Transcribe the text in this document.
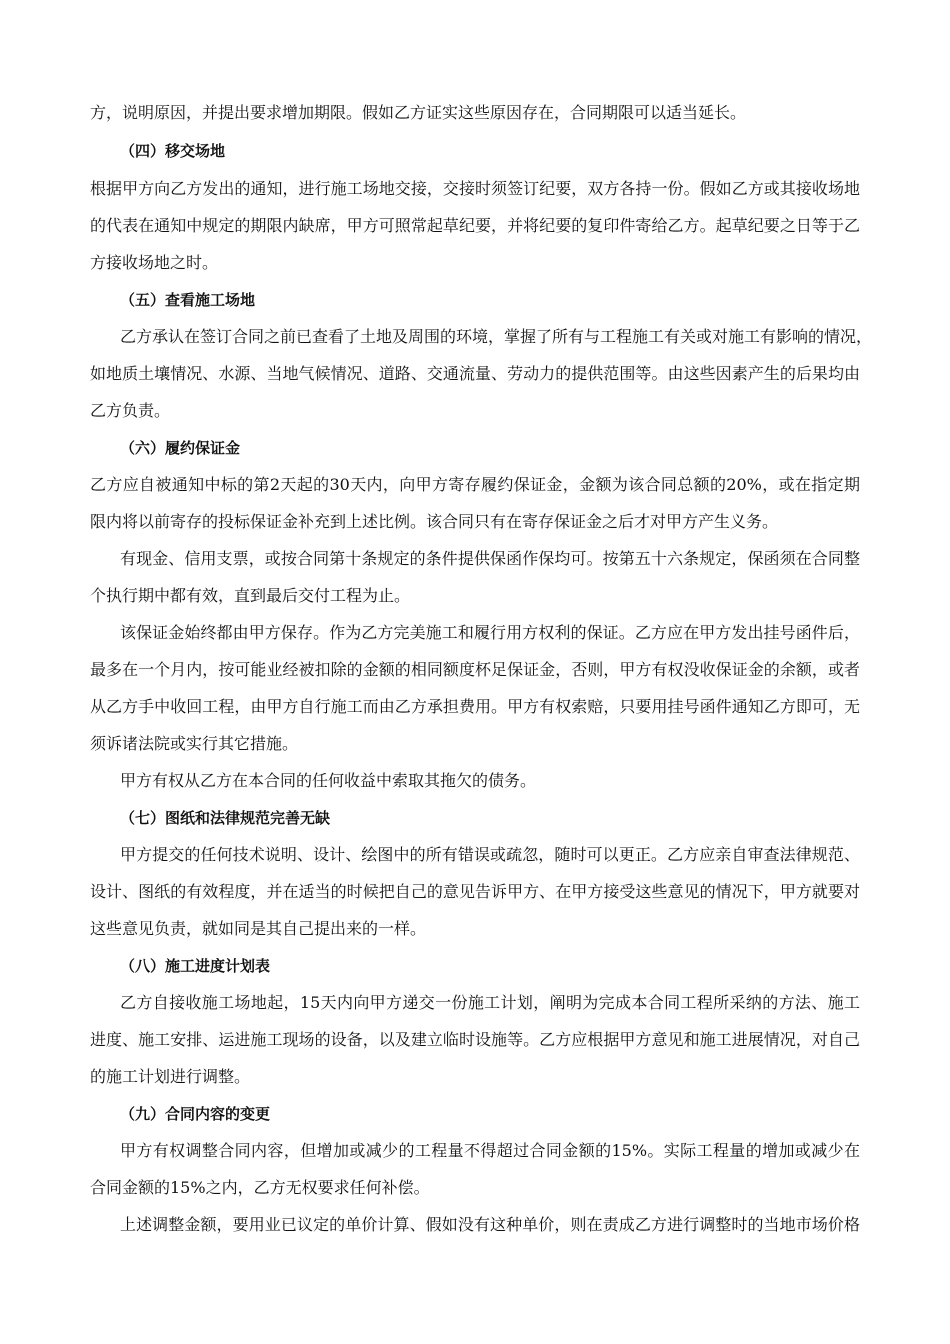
方，说明原因，并提出要求增加期限。假如乙方证实这些原因存在，合同期限可以适当延长。
（四）移交场地
根据甲方向乙方发出的通知，进行施工场地交接，交接时须签订纪要，双方各持一份。假如乙方或其接收场地
的代表在通知中规定的期限内缺席，甲方可照常起草纪要，并将纪要的复印件寄给乙方。起草纪要之日等于乙
方接收场地之时。
（五）查看施工场地
乙方承认在签订合同之前已查看了土地及周围的环境，掌握了所有与工程施工有关或对施工有影响的情况，
如地质土壤情况、水源、当地气候情况、道路、交通流量、劳动力的提供范围等。由这些因素产生的后果均由
乙方负责。
（六）履约保证金
乙方应自被通知中标的第2天起的30天内，向甲方寄存履约保证金，金额为该合同总额的20%，或在指定期
限内将以前寄存的投标保证金补充到上述比例。该合同只有在寄存保证金之后才对甲方产生义务。
有现金、信用支票，或按合同第十条规定的条件提供保函作保均可。按第五十六条规定，保函须在合同整
个执行期中都有效，直到最后交付工程为止。
该保证金始终都由甲方保存。作为乙方完美施工和履行用方权利的保证。乙方应在甲方发出挂号函件后，
最多在一个月内，按可能业经被扣除的金额的相同额度杯足保证金，否则，甲方有权没收保证金的余额，或者
从乙方手中收回工程，由甲方自行施工而由乙方承担费用。甲方有权索赔，只要用挂号函件通知乙方即可，无
须诉诸法院或实行其它措施。
甲方有权从乙方在本合同的任何收益中索取其拖欠的债务。
（七）图纸和法律规范完善无缺
甲方提交的任何技术说明、设计、绘图中的所有错误或疏忽，随时可以更正。乙方应亲自审查法律规范、
设计、图纸的有效程度，并在适当的时候把自己的意见告诉甲方、在甲方接受这些意见的情况下，甲方就要对
这些意见负责，就如同是其自己提出来的一样。
（八）施工进度计划表
乙方自接收施工场地起，15天内向甲方递交一份施工计划，阐明为完成本合同工程所采纳的方法、施工
进度、施工安排、运进施工现场的设备，以及建立临时设施等。乙方应根据甲方意见和施工进展情况，对自己
的施工计划进行调整。
（九）合同内容的变更
甲方有权调整合同内容，但增加或减少的工程量不得超过合同金额的15%。实际工程量的增加或减少在
合同金额的15%之内，乙方无权要求任何补偿。
上述调整金额，要用业已议定的单价计算、假如没有这种单价，则在责成乙方进行调整时的当地市场价格
